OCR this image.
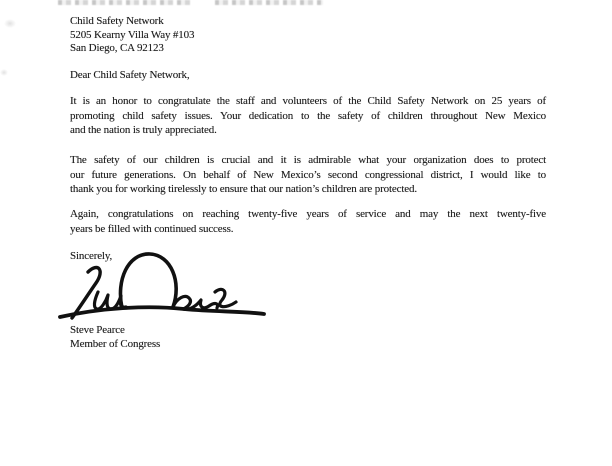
Child Safety Network
5205 Kearny Villa Way #103
San Diego, CA 92123
Dear Child Safety Network,
It is an honor to congratulate the staff and volunteers of the Child Safety Network on 25 years of
promoting child safety issues. Your dedication to the safety of children throughout New Mexico
and the nation is truly appreciated.
The safety of our children is crucial and it is admirable what your organization does to protect
our future generations. On behalf of New Mexico’s second congressional district, I would like to
thank you for working tirelessly to ensure that our nation’s children are protected.
Again, congratulations on reaching twenty-five years of service and may the next twenty-five
years be filled with continued success.
Sincerely,
Steve Pearce
Member of Congress
